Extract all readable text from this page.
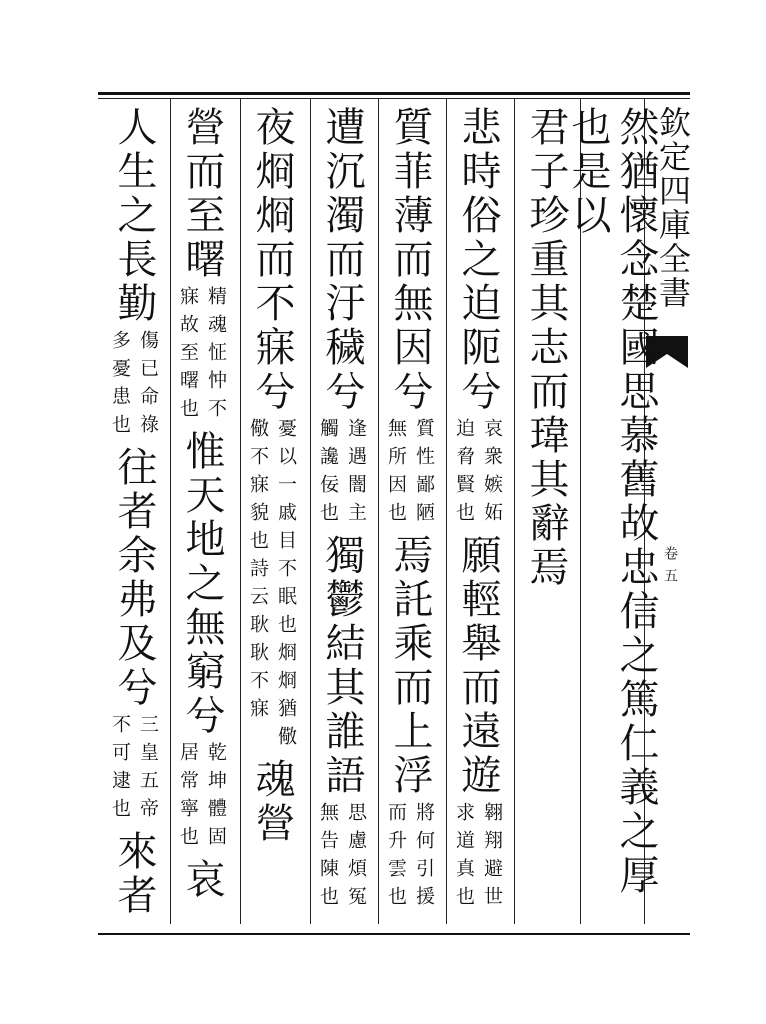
欽定四庫全書
卷五
然猶懷念楚國思慕舊故忠信之篤仁義之厚也是以
君子珍重其志而瑋其辭焉
悲時俗之迫阨兮
哀衆嫉妬
迫脅賢也
願輕舉而遠遊
翱翔避世
求道真也
質菲薄而無因兮
質性鄙陋
無所因也
焉託乘而上浮
將何引援
而升雲也
遭沉濁而汙穢兮
逢遇闇主
觸讒佞也
獨鬱結其誰語
思慮煩冤
無告陳也
夜烱烱而不寐兮
憂以一戚目不眠也烱烱猶儆
儆不寐貌也詩云耿耿不寐
魂營
營而至曙
精魂怔忡不
寐故至曙也
惟天地之無窮兮
乾坤體固
居常寧也
哀
人生之長勤
傷已命祿
多憂患也
往者余弗及兮
三皇五帝
不可逮也
來者
